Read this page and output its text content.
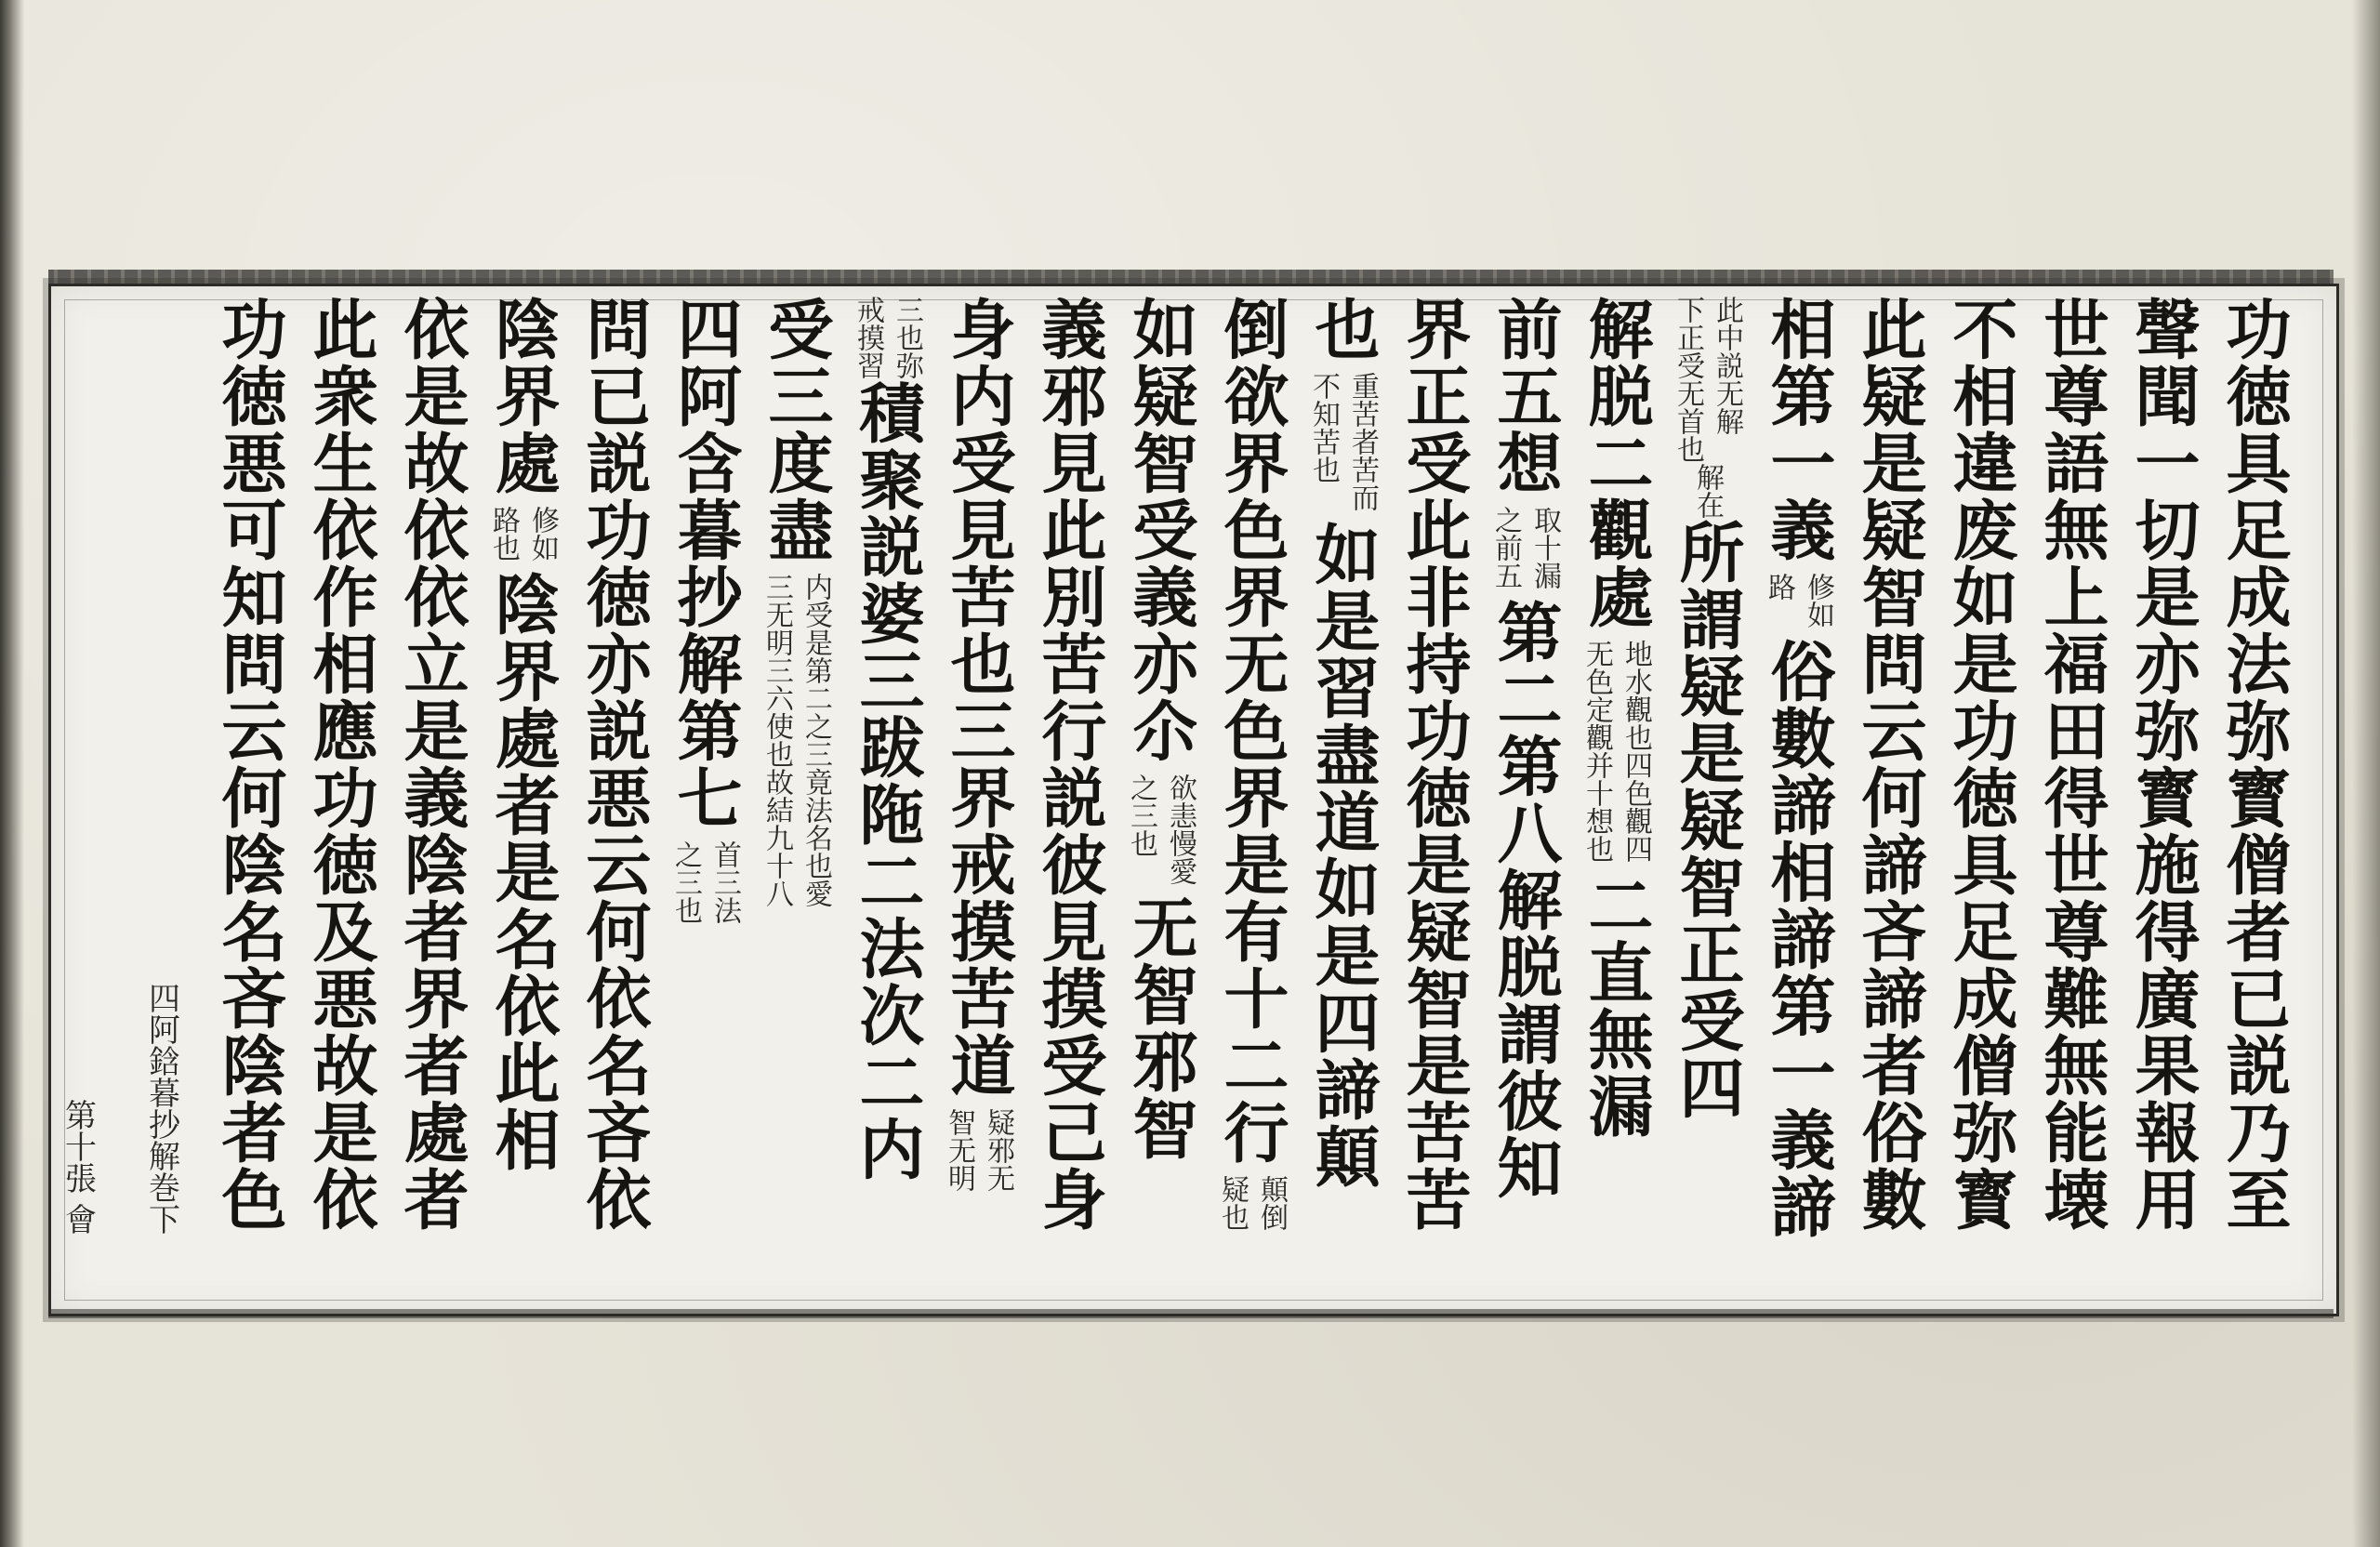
功徳具足成法弥寳僧者已説乃至
聲聞一切是亦弥寳施得廣果報用
世尊語無上福田得世尊難無能壊
不相違废如是功徳具足成僧弥寳
此疑是疑智問云何諦吝諦者俗數
相第一義
修如
路
俗數諦相諦第一義諦
此中説无解
下正受无首也
解在
所謂疑是疑智正受四
解脱二觀處
地水觀也四色觀四
无色定觀并十想也
二直無漏
前五想
取十漏
之前五
第二第八解脱謂彼知
界正受此非持功徳是疑智是苦苦
也
重苦者苦而
不知苦也
如是習盡道如是四諦顛
倒欲界色界无色界是有十二行
顛倒
疑也
如疑智受義亦尒
欲恚慢愛
之三也
无智邪智
義邪見此別苦行説彼見摸受己身
身内受見苦也三界戒摸苦道
疑邪无
智无明
三也弥
戒摸習
積聚説婆三跋陁二法次二内
受三度盡
内受是第二之三竟法名也愛
三无明三六使也故結九十八
四阿含暮抄解第七
首三法
之三也
問已説功徳亦説悪云何依名吝依
陰界處
修如
路也
陰界處者是名依此相
依是故依依立是義陰者界者處者
此衆生依作相應功徳及悪故是依
功徳悪可知問云何陰名吝陰者色
四阿鋡暮抄解巻下
第十張
會
